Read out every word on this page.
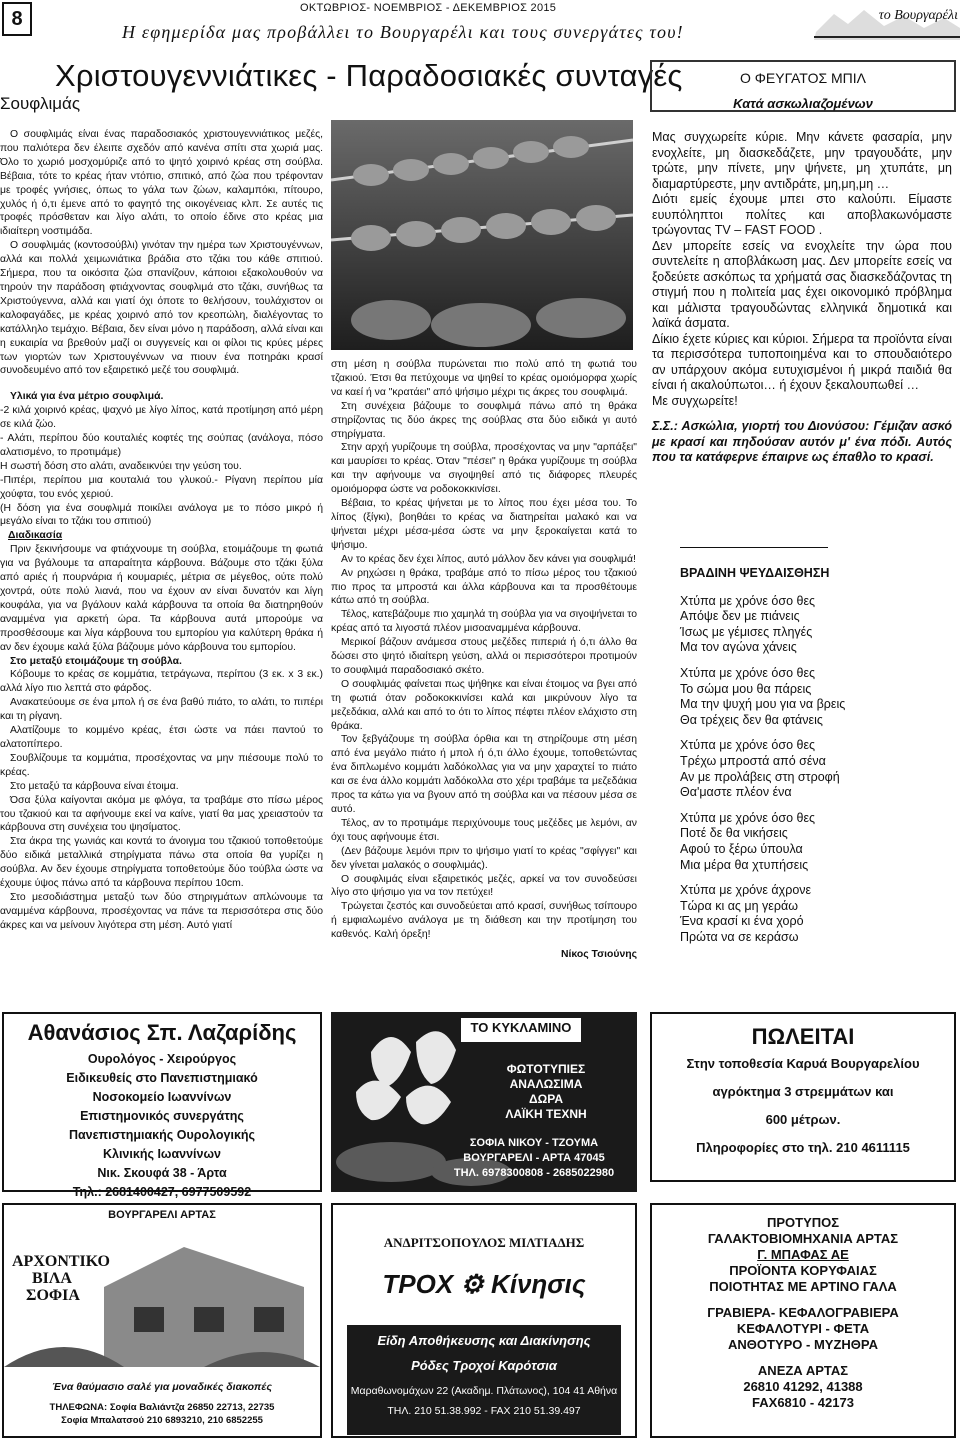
8	ΟΚΤΩΒΡΙΟΣ- ΝΟΕΜΒΡΙΟΣ - ΔΕΚΕΜΒΡΙΟΣ 2015
Η εφημερίδα μας προβάλλει το Βουργαρέλι και τους συνεργάτες του!
το Βουργαρέλι
Χριστουγεννιάτικες - Παραδοσιακές συνταγές
Σουφλιμάς

Ο σουφλιμάς είναι ένας παραδοσιακός χριστουγεννιάτικος μεζές, που παλιότερα δεν έλειπε σχεδόν από κανένα σπίτι στα χωριά μας. Όλο το χωριό μοσχομύριζε από το ψητό χοιρινό κρέας στη σούβλα. Βέβαια, τότε το κρέας ήταν ντόπιο, σπιτικό, από ζώα που τρέφονταν με τροφές γνήσιες, όπως το γάλα των ζώων, καλαμπόκι, πίτουρο, χυλός ή ό,τι έμενε από το φαγητό της οικογένειας κλπ. Σε αυτές τις τροφές πρόσθεταν και λίγο αλάτι, το οποίο έδινε στο κρέας μια ιδιαίτερη νοστιμάδα.

Ο σουφλιμάς (κοντοσούβλι) γινόταν την ημέρα των Χριστουγέννων, αλλά και πολλά χειμωνιάτικα βράδια στο τζάκι του κάθε σπιτιού. Σήμερα, που τα οικόσιτα ζώα σπανίζουν, κάποιοι εξακολουθούν να τηρούν την παράδοση φτιάχνοντας σουφλιμά στο τζάκι, συνήθως τα Χριστούγεννα, αλλά και γιατί όχι όποτε το θελήσουν, τουλάχιστον οι καλοφαγάδες, με κρέας χοιρινό από τον κρεοπώλη, διαλέγοντας το κατάλληλο τεμάχιο. Βέβαια, δεν είναι μόνο η παράδοση, αλλά είναι και η ευκαιρία να βρεθούν μαζί οι συγγενείς και οι φίλοι τις κρύες μέρες των γιορτών των Χριστουγέννων να πιουν ένα ποτηράκι κρασί συνοδευμένο από τον εξαιρετικό μεζέ του σουφλιμά.

Υλικά για ένα μέτριο σουφλιμά.

-2 κιλά χοιρινό κρέας, ψαχνό με λίγο λίπος, κατά προτίμηση από μέρη σε κιλά ζώο.

- Αλάτι, περίπου δύο κουταλιές κοφτές της σούπας (ανάλογα, πόσο αλατισμένο, το προτιμάμε)

Η σωστή δόση στο αλάτι, αναδεικνύει την γεύση του.

-Πιπέρι, περίπου μια κουταλιά του γλυκού.- Ρίγανη περίπου μία χούφτα, του ενός χεριού.

(Η δόση για ένα σουφλιμά ποικίλει ανάλογα με το πόσο μικρό ή μεγάλο είναι το τζάκι του σπιτιού)

Διαδικασία

Πριν ξεκινήσουμε να φτιάχνουμε τη σούβλα, ετοιμάζουμε τη φωτιά για να βγάλουμε τα απαραίτητα κάρβουνα. Βάζουμε στο τζάκι ξύλα από αριές ή πουρνάρια ή κουμαριές, μέτρια σε μέγεθος, ούτε πολύ χοντρά, ούτε πολύ λιανά, που να έχουν αν είναι δυνατόν και λίγη κουφάλα, για να βγάλουν καλά κάρβουνα τα οποία θα διατηρηθούν αναμμένα για αρκετή ώρα. Τα κάρβουνα αυτά μπορούμε να προσθέσουμε και λίγα κάρβουνα του εμπορίου για καλύτερη θράκα ή αν δεν έχουμε καλά ξύλα βάζουμε μόνο κάρβουνα του εμπορίου.

Στο μεταξύ ετοιμάζουμε τη σούβλα.

Κόβουμε το κρέας σε κομμάτια, τετράγωνα, περίπου (3 εκ. x 3 εκ.) αλλά λίγο πιο λεπτά στο φάρδος.

Ανακατεύουμε σε ένα μπολ ή σε ένα βαθύ πιάτο, το αλάτι, το πιπέρι και τη ρίγανη.

Αλατίζουμε το κομμένο κρέας, έτσι ώστε να πάει παντού το αλατοπίπερο.

Σουβλίζουμε τα κομμάτια, προσέχοντας να μην πιέσουμε πολύ το κρέας.

Στο μεταξύ τα κάρβουνα είναι έτοιμα.

Όσα ξύλα καίγονται ακόμα με φλόγα, τα τραβάμε στο πίσω μέρος του τζακιού και τα αφήνουμε εκεί να καίνε, γιατί θα μας χρειαστούν τα κάρβουνα στη συνέχεια του ψησίματος.

Στα άκρα της γωνιάς και κοντά το άνοιγμα του τζακιού τοποθετούμε δύο ειδικά μεταλλικά στηρίγματα πάνω στα οποία θα γυρίζει η σούβλα. Αν δεν έχουμε στηρίγματα τοποθετούμε δύο τούβλα ώστε να έχουμε ύψος πάνω από τα κάρβουνα περίπου 10cm.

Στο μεσοδιάστημα μεταξύ των δύο στηριγμάτων απλώνουμε τα αναμμένα κάρβουνα, προσέχοντας να πάνε τα περισσότερα στις δύο άκρες και να μείνουν λιγότερα στη μέση. Αυτό γιατί

στη μέση η σούβλα πυρώνεται πιο πολύ από τη φωτιά του τζακιού. Έτσι θα πετύχουμε να ψηθεί το κρέας ομοιόμορφα χωρίς να καεί ή να "κρατάει" από ψήσιμο μέχρι τις άκρες του σουφλιμά.

Στη συνέχεια βάζουμε το σουφλιμά πάνω από τη θράκα στηρίζοντας τις δύο άκρες της σούβλας στα δύο ειδικά γι αυτό στηρίγματα.

Στην αρχή γυρίζουμε τη σούβλα, προσέχοντας να μην "αρπάξει" και μαυρίσει το κρέας. Όταν "πέσει" η θράκα γυρίζουμε τη σούβλα και την αφήνουμε να σιγοψηθεί από τις διάφορες πλευρές ομοιόμορφα ώστε να ροδοκοκκινίσει.

Βέβαια, το κρέας ψήνεται με το λίπος που έχει μέσα του. Το λίπος (ξίγκι), βοηθάει το κρέας να διατηρείται μαλακό και να ψήνεται μέχρι μέσα-μέσα ώστε να μην ξεροκαίγεται κατά το ψήσιμο.

Αν το κρέας δεν έχει λίπος, αυτό μάλλον δεν κάνει για σουφλιμά!

Αν ρηχώσει η θράκα, τραβάμε από το πίσω μέρος του τζακιού πιο προς τα μπροστά και άλλα κάρβουνα και τα προσθέτουμε κάτω από τη σούβλα.

Τέλος, κατεβάζουμε πιο χαμηλά τη σούβλα για να σιγοψήνεται το κρέας από τα λιγοστά πλέον μισοαναμμένα κάρβουνα.

Μερικοί βάζουν ανάμεσα στους μεζέδες πιπεριά ή ό,τι άλλο θα δώσει στο ψητό ιδιαίτερη γεύση, αλλά οι περισσότεροι προτιμούν το σουφλιμά παραδοσιακό σκέτο.

Ο σουφλιμάς φαίνεται πως ψήθηκε και είναι έτοιμος να βγει από τη φωτιά όταν ροδοκοκκινίσει καλά και μικρύνουν λίγο τα μεζεδάκια, αλλά και από το ότι το λίπος πέφτει πλέον ελάχιστο στη θράκα.

Τον ξεβγάζουμε τη σούβλα όρθια και τη στηρίζουμε στη μέση από ένα μεγάλο πιάτο ή μπολ ή ό,τι άλλο έχουμε, τοποθετώντας ένα διπλωμένο κομμάτι λαδόκολλας για να μην χαραχτεί το πιάτο και σε ένα άλλο κομμάτι λαδόκολλα στο χέρι τραβάμε τα μεζεδάκια προς τα κάτω για να βγουν από τη σούβλα και να πέσουν μέσα σε αυτό.

Τέλος, αν το προτιμάμε περιχύνουμε τους μεζέδες με λεμόνι, αν όχι τους αφήνουμε έτσι.

(Δεν βάζουμε λεμόνι πριν το ψήσιμο γιατί το κρέας "σφίγγει" και δεν γίνεται μαλακός ο σουφλιμάς).

Ο σουφλιμάς είναι εξαιρετικός μεζές, αρκεί να τον συνοδεύσει λίγο στο ψήσιμο για να τον πετύχει!

Τρώγεται ζεστός και συνοδεύεται από κρασί, συνήθως τσίπουρο ή εμφιαλωμένο ανάλογα με τη διάθεση και την προτίμηση του καθενός. Καλή όρεξη!

Νίκος Τσιούνης

Ο ΦΕΥΓΑΤΟΣ ΜΠΙΛ
Κατά ασκωλιαζομένων

Μας συγχωρείτε κύριε. Μην κάνετε φασαρία, μην ενοχλείτε, μη διασκεδάζετε, μην τραγουδάτε, μην τρώτε, μην πίνετε, μην ψήνετε, μη χτυπάτε, μη διαμαρτύρεστε, μην αντιδράτε, μη,μη,μη …

Διότι εμείς έχουμε μπει στο καλούπι. Είμαστε ευυπόληπτοι πολίτες και αποβλακωνόμαστε τρώγοντας TV – FAST FOOD .

Δεν μπορείτε εσείς να ενοχλείτε την ώρα που συντελείτε η αποβλάκωση μας. Δεν μπορείτε εσείς να ξοδεύετε ασκόπως τα χρήματά σας διασκεδάζοντας τη στιγμή που η πολιτεία μας έχει οικονομικό πρόβλημα και μάλιστα τραγουδώντας ελληνικά δημοτικά και λαϊκά άσματα.

Δίκιο έχετε κύριες και κύριοι. Σήμερα τα προϊόντα είναι τα περισσότερα τυποποιημένα και το σπουδαιότερο αν υπάρχουν ακόμα ευτυχισμένοι ή μικρά παιδιά θα είναι ή ακαλούπωτοι… ή έχουν ξεκαλουπωθεί …

Με συγχωρείτε!

Σ.Σ.: Ασκώλια, γιορτή του Διονύσου: Γέμιζαν ασκό με κρασί και πηδούσαν αυτόν μ' ένα πόδι. Αυτός που τα κατάφερνε έπαιρνε ως έπαθλο το κρασί.

ΒΡΑΔΙΝΗ ΨΕΥΔΑΙΣΘΗΣΗ

Χτύπα με χρόνε όσο θες

Απόψε δεν με πιάνεις

Ίσως με γέμισες πληγές

Μα τον αγώνα χάνεις

Χτύπα με χρόνε όσο θες

Το σώμα μου θα πάρεις

Μα την ψυχή μου για να βρεις

Θα τρέχεις δεν θα φτάνεις

Χτύπα με χρόνε όσο θες

Τρέχω μπροστά από σένα

Αν με προλάβεις στη στροφή

Θα'μαστε πλέον ένα

Χτύπα με χρόνε όσο θες

Ποτέ δε θα νικήσεις

Αφού το ξέρω ύπουλα

Μια μέρα θα χτυπήσεις

Χτύπα με χρόνε άχρονε

Τώρα κι ας μη γεράω

Ένα κρασί κι ένα χορό

Πρώτα να σε κεράσω

Αθανάσιος Σπ. Λαζαρίδης
Ουρολόγος - Χειρούργος
Ειδικευθείς στο Πανεπιστημιακό
Νοσοκομείο Ιωαννίνων
Επιστημονικός συνεργάτης
Πανεπιστημιακής Ουρολογικής
Κλινικής Ιωαννίνων
Νικ. Σκουφά 38 - Άρτα
Τηλ.: 2681400427, 6977509592
ΤΟ ΚΥΚΛΑΜΙΝΟ
ΦΩΤΟΤΥΠΙΕΣ
ΑΝΑΛΩΣΙΜΑ
ΔΩΡΑ
ΛΑΪΚΗ ΤΕΧΝΗ
ΣΟΦΙΑ ΝΙΚΟΥ - ΤΖΟΥΜΑ
ΒΟΥΡΓΑΡΕΛΙ - ΑΡΤΑ 47045
ΤΗΛ. 6978300808 - 2685022980
ΠΩΛΕΙΤΑΙ
Στην τοποθεσία Καρυά Βουργαρελίου
αγρόκτημα 3 στρεμμάτων και
600 μέτρων.
Πληροφορίες στο τηλ. 210 4611115
ΒΟΥΡΓΑΡΕΛΙ ΑΡΤΑΣ
ΑΡΧΟΝΤΙΚΟ
ΒΙΛΑ
ΣΟΦΙΑ
Ένα θαύμασιο σαλέ για μοναδικές διακοπές
ΤΗΛΕΦΩΝΑ: Σοφία Βαλιάντζα 26850 22713, 22735
Σοφία Μπαλατσού 210 6893210, 210 6852255
ΑΝΔΡΙΤΣΟΠΟΥΛΟΣ ΜΙΛΤΙΑΔΗΣ
ΤΡΟΧ ⚙ Κίνησις
Είδη Αποθήκευσης και Διακίνησης
Ρόδες Τροχοί Καρότσια
Μαραθωνομάχων 22 (Ακαδημ. Πλάτωνος), 104 41 Αθήνα
ΤΗΛ. 210 51.38.992 - FAX 210 51.39.497
ΠΡΟΤΥΠΟΣ
ΓΑΛΑΚΤΟΒΙΟΜΗΧΑΝΙΑ ΑΡΤΑΣ
Γ. ΜΠΑΦΑΣ ΑΕ
ΠΡΟΪΟΝΤΑ ΚΟΡΥΦΑΙΑΣ
ΠΟΙΟΤΗΤΑΣ ΜΕ ΑΡΤΙΝΟ ΓΑΛΑ
ΓΡΑΒΙΕΡΑ- ΚΕΦΑΛΟΓΡΑΒΙΕΡΑ
ΚΕΦΑΛΟΤΥΡΙ - ΦΕΤΑ
ΑΝΘΟΤΥΡΟ - ΜΥΖΗΘΡΑ
ΑΝΕΖΑ ΑΡΤΑΣ
26810 41292, 41388
FAX6810 - 42173
